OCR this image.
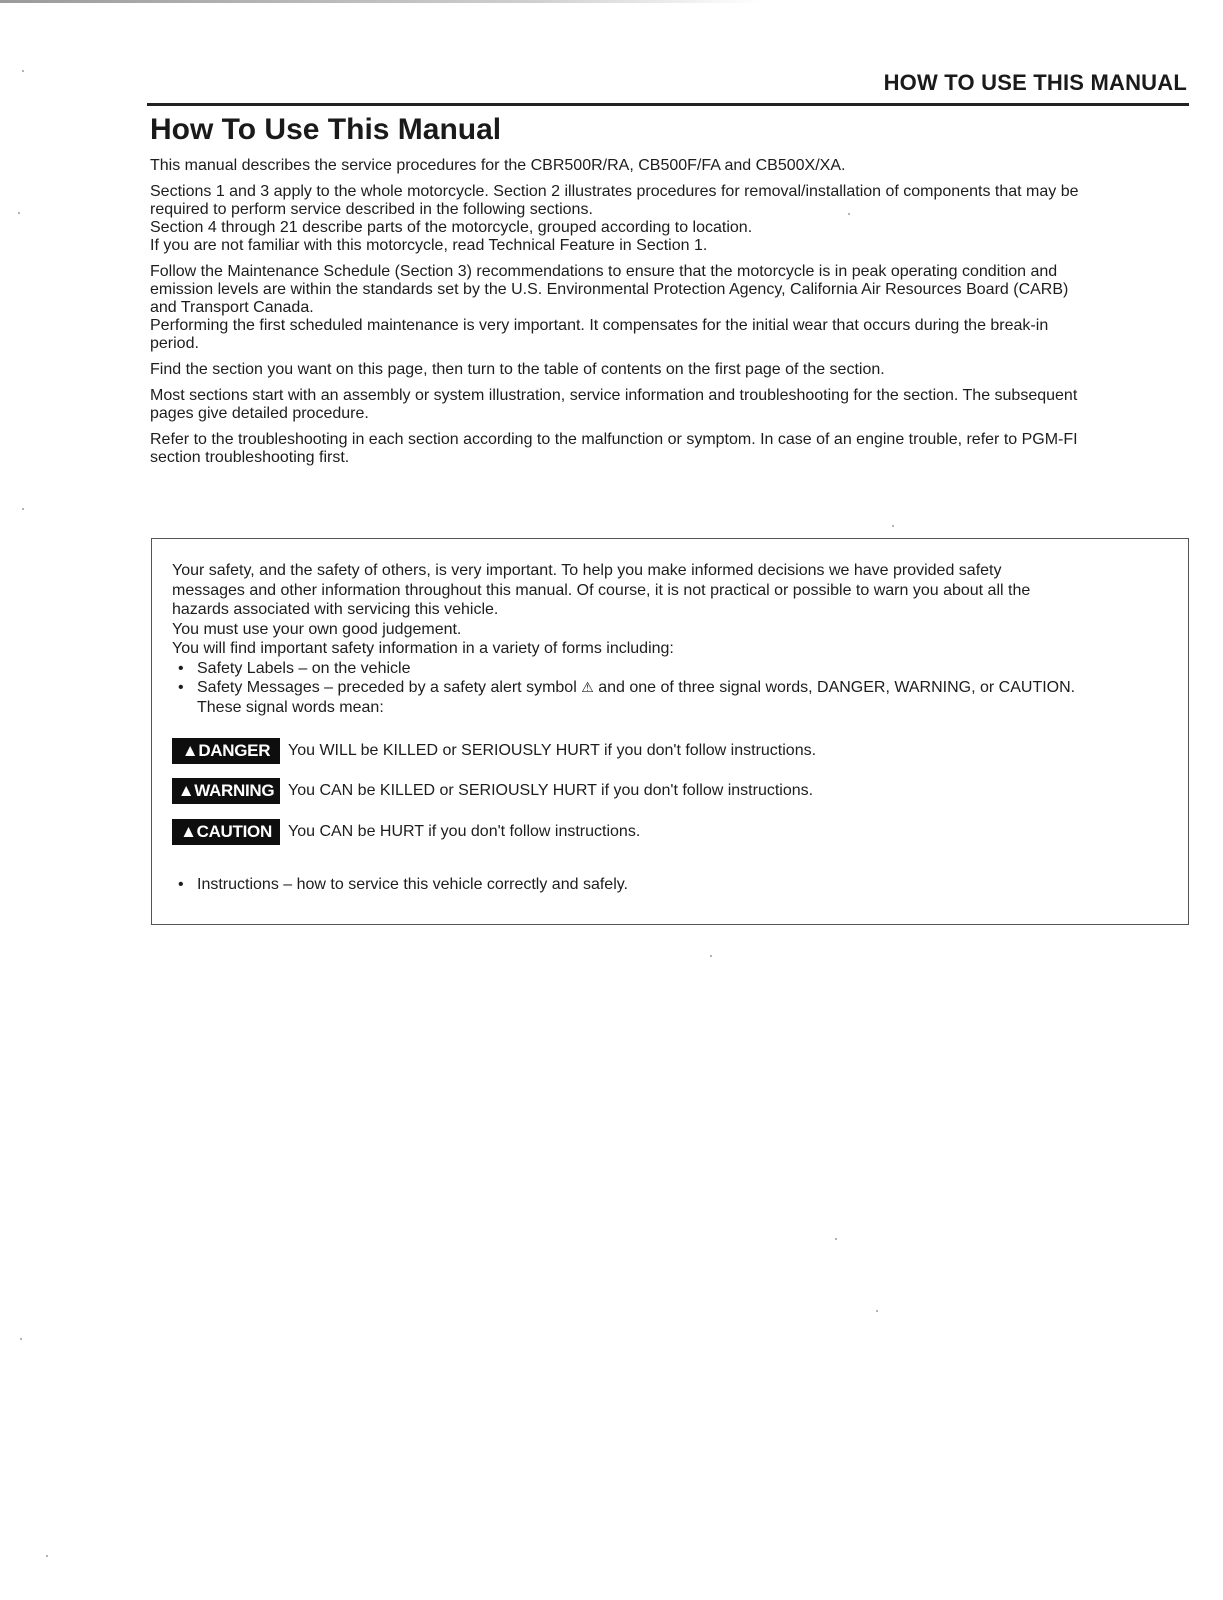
HOW TO USE THIS MANUAL
How To Use This Manual

This manual describes the service procedures for the CBR500R/RA, CB500F/FA and CB500X/XA.

Sections 1 and 3 apply to the whole motorcycle. Section 2 illustrates procedures for removal/installation of components that may be
required to perform service described in the following sections.
Section 4 through 21 describe parts of the motorcycle, grouped according to location.
If you are not familiar with this motorcycle, read Technical Feature in Section 1.

Follow the Maintenance Schedule (Section 3) recommendations to ensure that the motorcycle is in peak operating condition and
emission levels are within the standards set by the U.S. Environmental Protection Agency, California Air Resources Board (CARB)
and Transport Canada.
Performing the first scheduled maintenance is very important. It compensates for the initial wear that occurs during the break-in
period.

Find the section you want on this page, then turn to the table of contents on the first page of the section.

Most sections start with an assembly or system illustration, service information and troubleshooting for the section. The subsequent
pages give detailed procedure.

Refer to the troubleshooting in each section according to the malfunction or symptom. In case of an engine trouble, refer to PGM-FI
section troubleshooting first.

Your safety, and the safety of others, is very important. To help you make informed decisions we have provided safety
messages and other information throughout this manual. Of course, it is not practical or possible to warn you about all the
hazards associated with servicing this vehicle.
You must use your own good judgement.
You will find important safety information in a variety of forms including:
• Safety Labels – on the vehicle
• Safety Messages – preceded by a safety alert symbol ⚠ and one of three signal words, DANGER, WARNING, or CAUTION.
These signal words mean:
▲DANGER	You WILL be KILLED or SERIOUSLY HURT if you don't follow instructions.
▲WARNING You CAN be KILLED or SERIOUSLY HURT if you don't follow instructions.
▲CAUTION	You CAN be HURT if you don't follow instructions.
• Instructions – how to service this vehicle correctly and safely.
